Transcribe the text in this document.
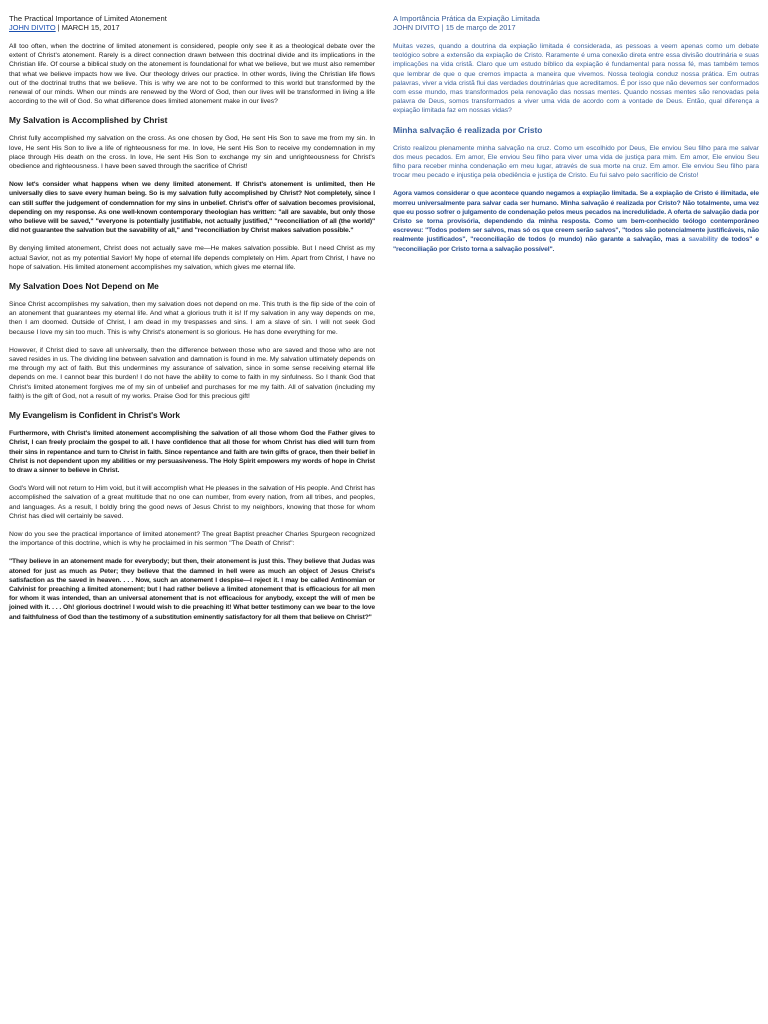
The Practical Importance of Limited Atonement
JOHN DIVITO | MARCH 15, 2017

All too often, when the doctrine of limited atonement is considered, people only see it as a theological debate over the extent of Christ's atonement. Rarely is a direct connection drawn between this doctrinal divide and its implications in the Christian life. Of course a biblical study on the atonement is foundational for what we believe, but we must also remember that what we believe impacts how we live. Our theology drives our practice. In other words, living the Christian life flows out of the doctrinal truths that we believe. This is why we are not to be conformed to this world but transformed by the renewal of our minds. When our minds are renewed by the Word of God, then our lives will be transformed in living a life according to the will of God. So what difference does limited atonement make in our lives?

My Salvation is Accomplished by Christ

Christ fully accomplished my salvation on the cross. As one chosen by God, He sent His Son to save me from my sin. In love, He sent His Son to live a life of righteousness for me. In love, He sent His Son to receive my condemnation in my place through His death on the cross. In love, He sent His Son to exchange my sin and unrighteousness for Christ's obedience and righteousness. I have been saved through the sacrifice of Christ!

Now let's consider what happens when we deny limited atonement. If Christ's atonement is unlimited, then He universally dies to save every human being. So is my salvation fully accomplished by Christ? Not completely, since I can still suffer the judgement of condemnation for my sins in unbelief. Christ's offer of salvation becomes provisional, depending on my response. As one well-known contemporary theologian has written: "all are savable, but only those who believe will be saved," "everyone is potentially justifiable, not actually justified," "reconciliation of all (the world)" did not guarantee the salvation but the savability of all," and "reconciliation by Christ makes salvation possible."

By denying limited atonement, Christ does not actually save me—He makes salvation possible. But I need Christ as my actual Savior, not as my potential Savior! My hope of eternal life depends completely on Him. Apart from Christ, I have no hope of salvation. His limited atonement accomplishes my salvation, which gives me eternal life.

My Salvation Does Not Depend on Me

Since Christ accomplishes my salvation, then my salvation does not depend on me. This truth is the flip side of the coin of an atonement that guarantees my eternal life. And what a glorious truth it is! If my salvation in any way depends on me, then I am doomed. Outside of Christ, I am dead in my trespasses and sins. I am a slave of sin. I will not seek God because I love my sin too much. This is why Christ's atonement is so glorious. He has done everything for me.

However, if Christ died to save all universally, then the difference between those who are saved and those who are not saved resides in us. The dividing line between salvation and damnation is found in me. My salvation ultimately depends on me through my act of faith. But this undermines my assurance of salvation, since in some sense receiving eternal life depends on me. I cannot bear this burden! I do not have the ability to come to faith in my sinfulness. So I thank God that Christ's limited atonement forgives me of my sin of unbelief and purchases for me my faith. All of salvation (including my faith) is the gift of God, not a result of my works. Praise God for this precious gift!

My Evangelism is Confident in Christ's Work

Furthermore, with Christ's limited atonement accomplishing the salvation of all those whom God the Father gives to Christ, I can freely proclaim the gospel to all. I have confidence that all those for whom Christ has died will turn from their sins in repentance and turn to Christ in faith. Since repentance and faith are twin gifts of grace, then their belief in Christ is not dependent upon my abilities or my persuasiveness. The Holy Spirit empowers my words of hope in Christ to draw a sinner to believe in Christ.

God's Word will not return to Him void, but it will accomplish what He pleases in the salvation of His people. And Christ has accomplished the salvation of a great multitude that no one can number, from every nation, from all tribes, and peoples, and languages. As a result, I boldly bring the good news of Jesus Christ to my neighbors, knowing that those for whom Christ has died will certainly be saved.

Now do you see the practical importance of limited atonement? The great Baptist preacher Charles Spurgeon recognized the importance of this doctrine, which is why he proclaimed in his sermon "The Death of Christ":

"They believe in an atonement made for everybody; but then, their atonement is just this. They believe that Judas was atoned for just as much as Peter; they believe that the damned in hell were as much an object of Jesus Christ's satisfaction as the saved in heaven. . . . Now, such an atonement I despise—I reject it. I may be called Antinomian or Calvinist for preaching a limited atonement; but I had rather believe a limited atonement that is efficacious for all men for whom it was intended, than an universal atonement that is not efficacious for anybody, except the will of men be joined with it. . . . Oh! glorious doctrine! I would wish to die preaching it! What better testimony can we bear to the love and faithfulness of God than the testimony of a substitution eminently satisfactory for all them that believe on Christ?"

A Importância Prática da Expiação Limitada
JOHN DIVITO | 15 de março de 2017

Muitas vezes, quando a doutrina da expiação limitada é considerada, as pessoas a veem apenas como um debate teológico sobre a extensão da expiação de Cristo. Raramente é uma conexão direta entre essa divisão doutrinária e suas implicações na vida cristã. Claro que um estudo bíblico da expiação é fundamental para nossa fé, mas também temos que lembrar de que o que cremos impacta a maneira que vivemos. Nossa teologia conduz nossa prática. Em outras palavras, viver a vida cristã flui das verdades doutrinárias que acreditamos. É por isso que não devemos ser conformados com esse mundo, mas transformados pela renovação das nossas mentes. Quando nossas mentes são renovadas pela palavra de Deus, somos transformados a viver uma vida de acordo com a vontade de Deus. Então, qual diferença a expiação limitada faz em nossas vidas?

Minha salvação é realizada por Cristo

Cristo realizou plenamente minha salvação na cruz. Como um escolhido por Deus, Ele enviou Seu filho para me salvar dos meus pecados. Em amor, Ele enviou Seu filho para viver uma vida de justiça para mim. Em amor, Ele enviou Seu filho para receber minha condenação em meu lugar, através de sua morte na cruz. Em amor. Ele enviou Seu filho para trocar meu pecado e injustiça pela obediência e justiça de Cristo. Eu fui salvo pelo sacrifício de Cristo!

Agora vamos considerar o que acontece quando negamos a expiação limitada. Se a expiação de Cristo é ilimitada, ele morreu universalmente para salvar cada ser humano. Minha salvação é realizada por Cristo? Não totalmente, uma vez que eu posso sofrer o julgamento de condenação pelos meus pecados na incredulidade. A oferta de salvação dada por Cristo se torna provisória, dependendo da minha resposta. Como um bem-conhecido teólogo contemporâneo escreveu: "Todos podem ser salvos, mas só os que creem serão salvos", "todos são potencialmente justificáveis, não realmente justificados", "reconciliação de todos (o mundo) não garante a salvação, mas a savability de todos" e "reconciliação por Cristo torna a salvação possível".
